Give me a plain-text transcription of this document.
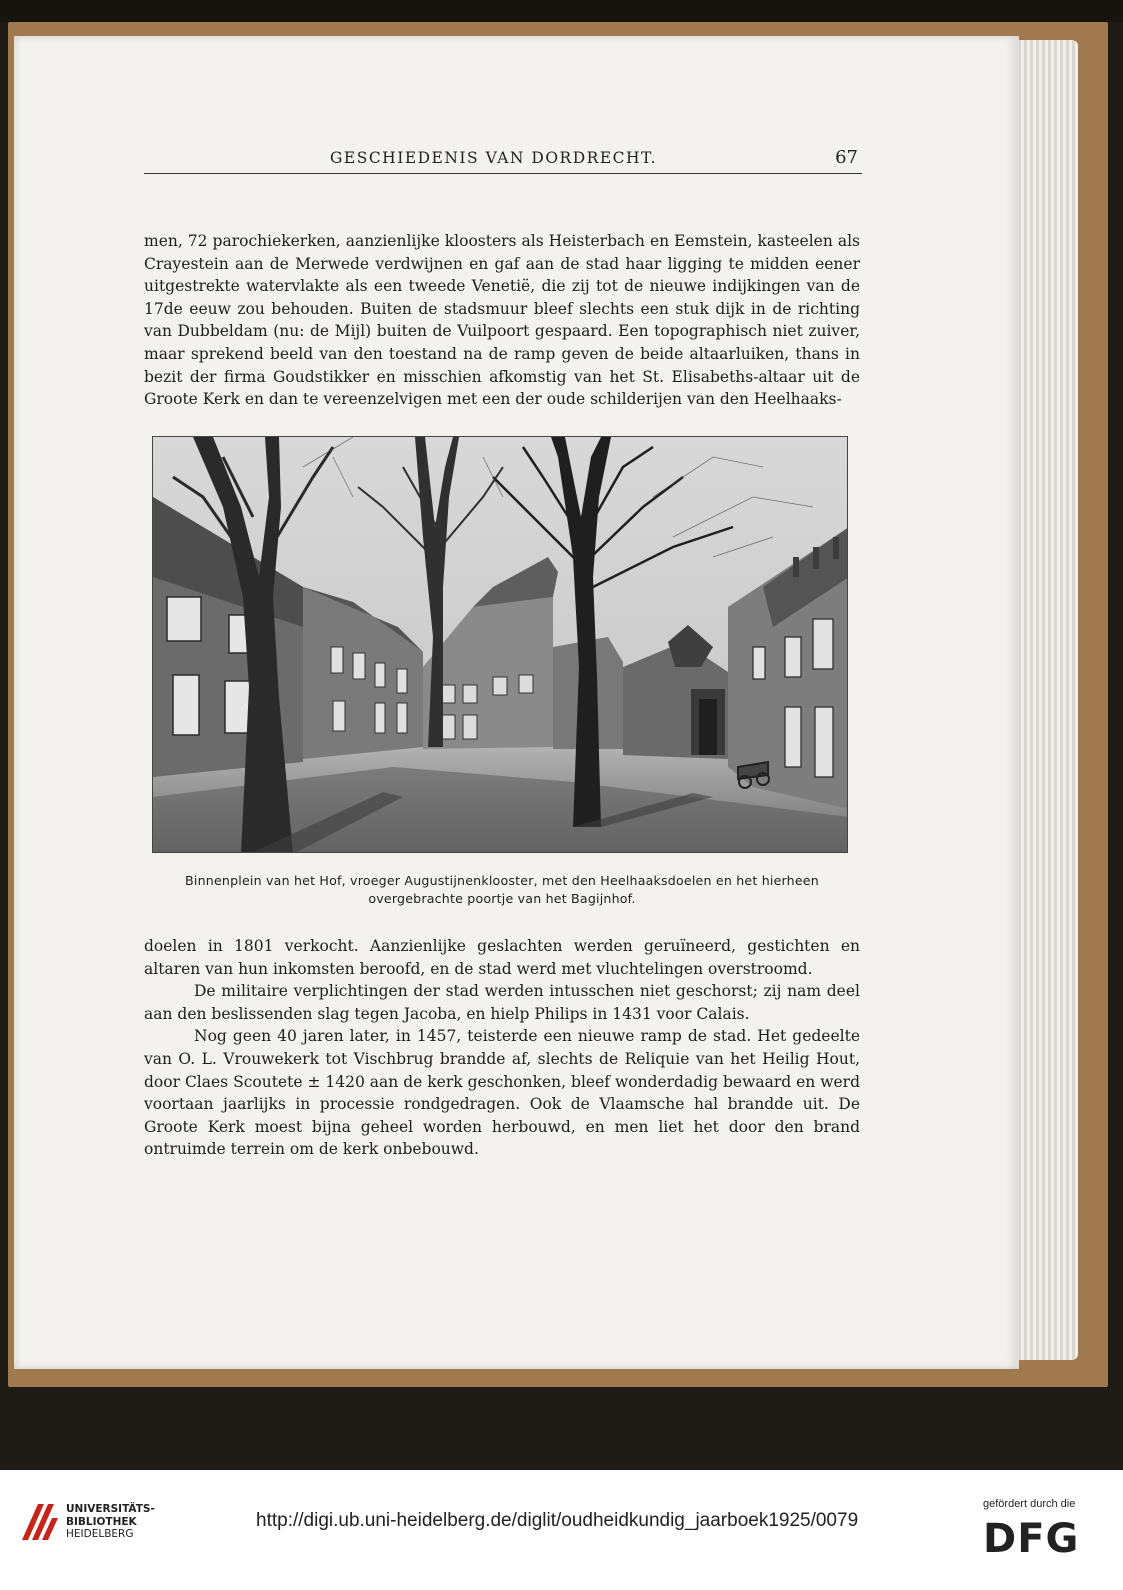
GESCHIEDENIS VAN DORDRECHT.	67

men, 72 parochiekerken, aanzienlijke kloosters als Heisterbach en Eemstein, kasteelen als Crayestein aan de Merwede verdwijnen en gaf aan de stad haar ligging te midden eener uitgestrekte watervlakte als een tweede Venetië, die zij tot de nieuwe indijkingen van de 17de eeuw zou behouden. Buiten de stadsmuur bleef slechts een stuk dijk in de richting van Dubbeldam (nu: de Mijl) buiten de Vuilpoort gespaard. Een topographisch niet zuiver, maar sprekend beeld van den toestand na de ramp geven de beide altaarluiken, thans in bezit der firma Goudstikker en misschien afkomstig van het St. Elisabeths-altaar uit de Groote Kerk en dan te vereenzelvigen met een der oude schilderijen van den Heelhaaks-

Binnenplein van het Hof, vroeger Augustijnenklooster, met den Heelhaaksdoelen en het hierheen
overgebrachte poortje van het Bagijnhof.

doelen in 1801 verkocht. Aanzienlijke geslachten werden geruïneerd, gestichten en altaren van hun inkomsten beroofd, en de stad werd met vluchtelingen overstroomd.

De militaire verplichtingen der stad werden intusschen niet geschorst; zij nam deel aan den beslissenden slag tegen Jacoba, en hielp Philips in 1431 voor Calais.

Nog geen 40 jaren later, in 1457, teisterde een nieuwe ramp de stad. Het gedeelte van O. L. Vrouwekerk tot Vischbrug brandde af, slechts de Reliquie van het Heilig Hout, door Claes Scoutete ± 1420 aan de kerk geschonken, bleef wonderdadig bewaard en werd voortaan jaarlijks in processie rondgedragen. Ook de Vlaamsche hal brandde uit. De Groote Kerk moest bijna geheel worden herbouwd, en men liet het door den brand ontruimde terrein om de kerk onbebouwd.

UNIVERSITÄTS-
BIBLIOTHEK
HEIDELBERG
http://digi.ub.uni-heidelberg.de/diglit/oudheidkundig_jaarboek1925/0079
gefördert durch die
DFG
